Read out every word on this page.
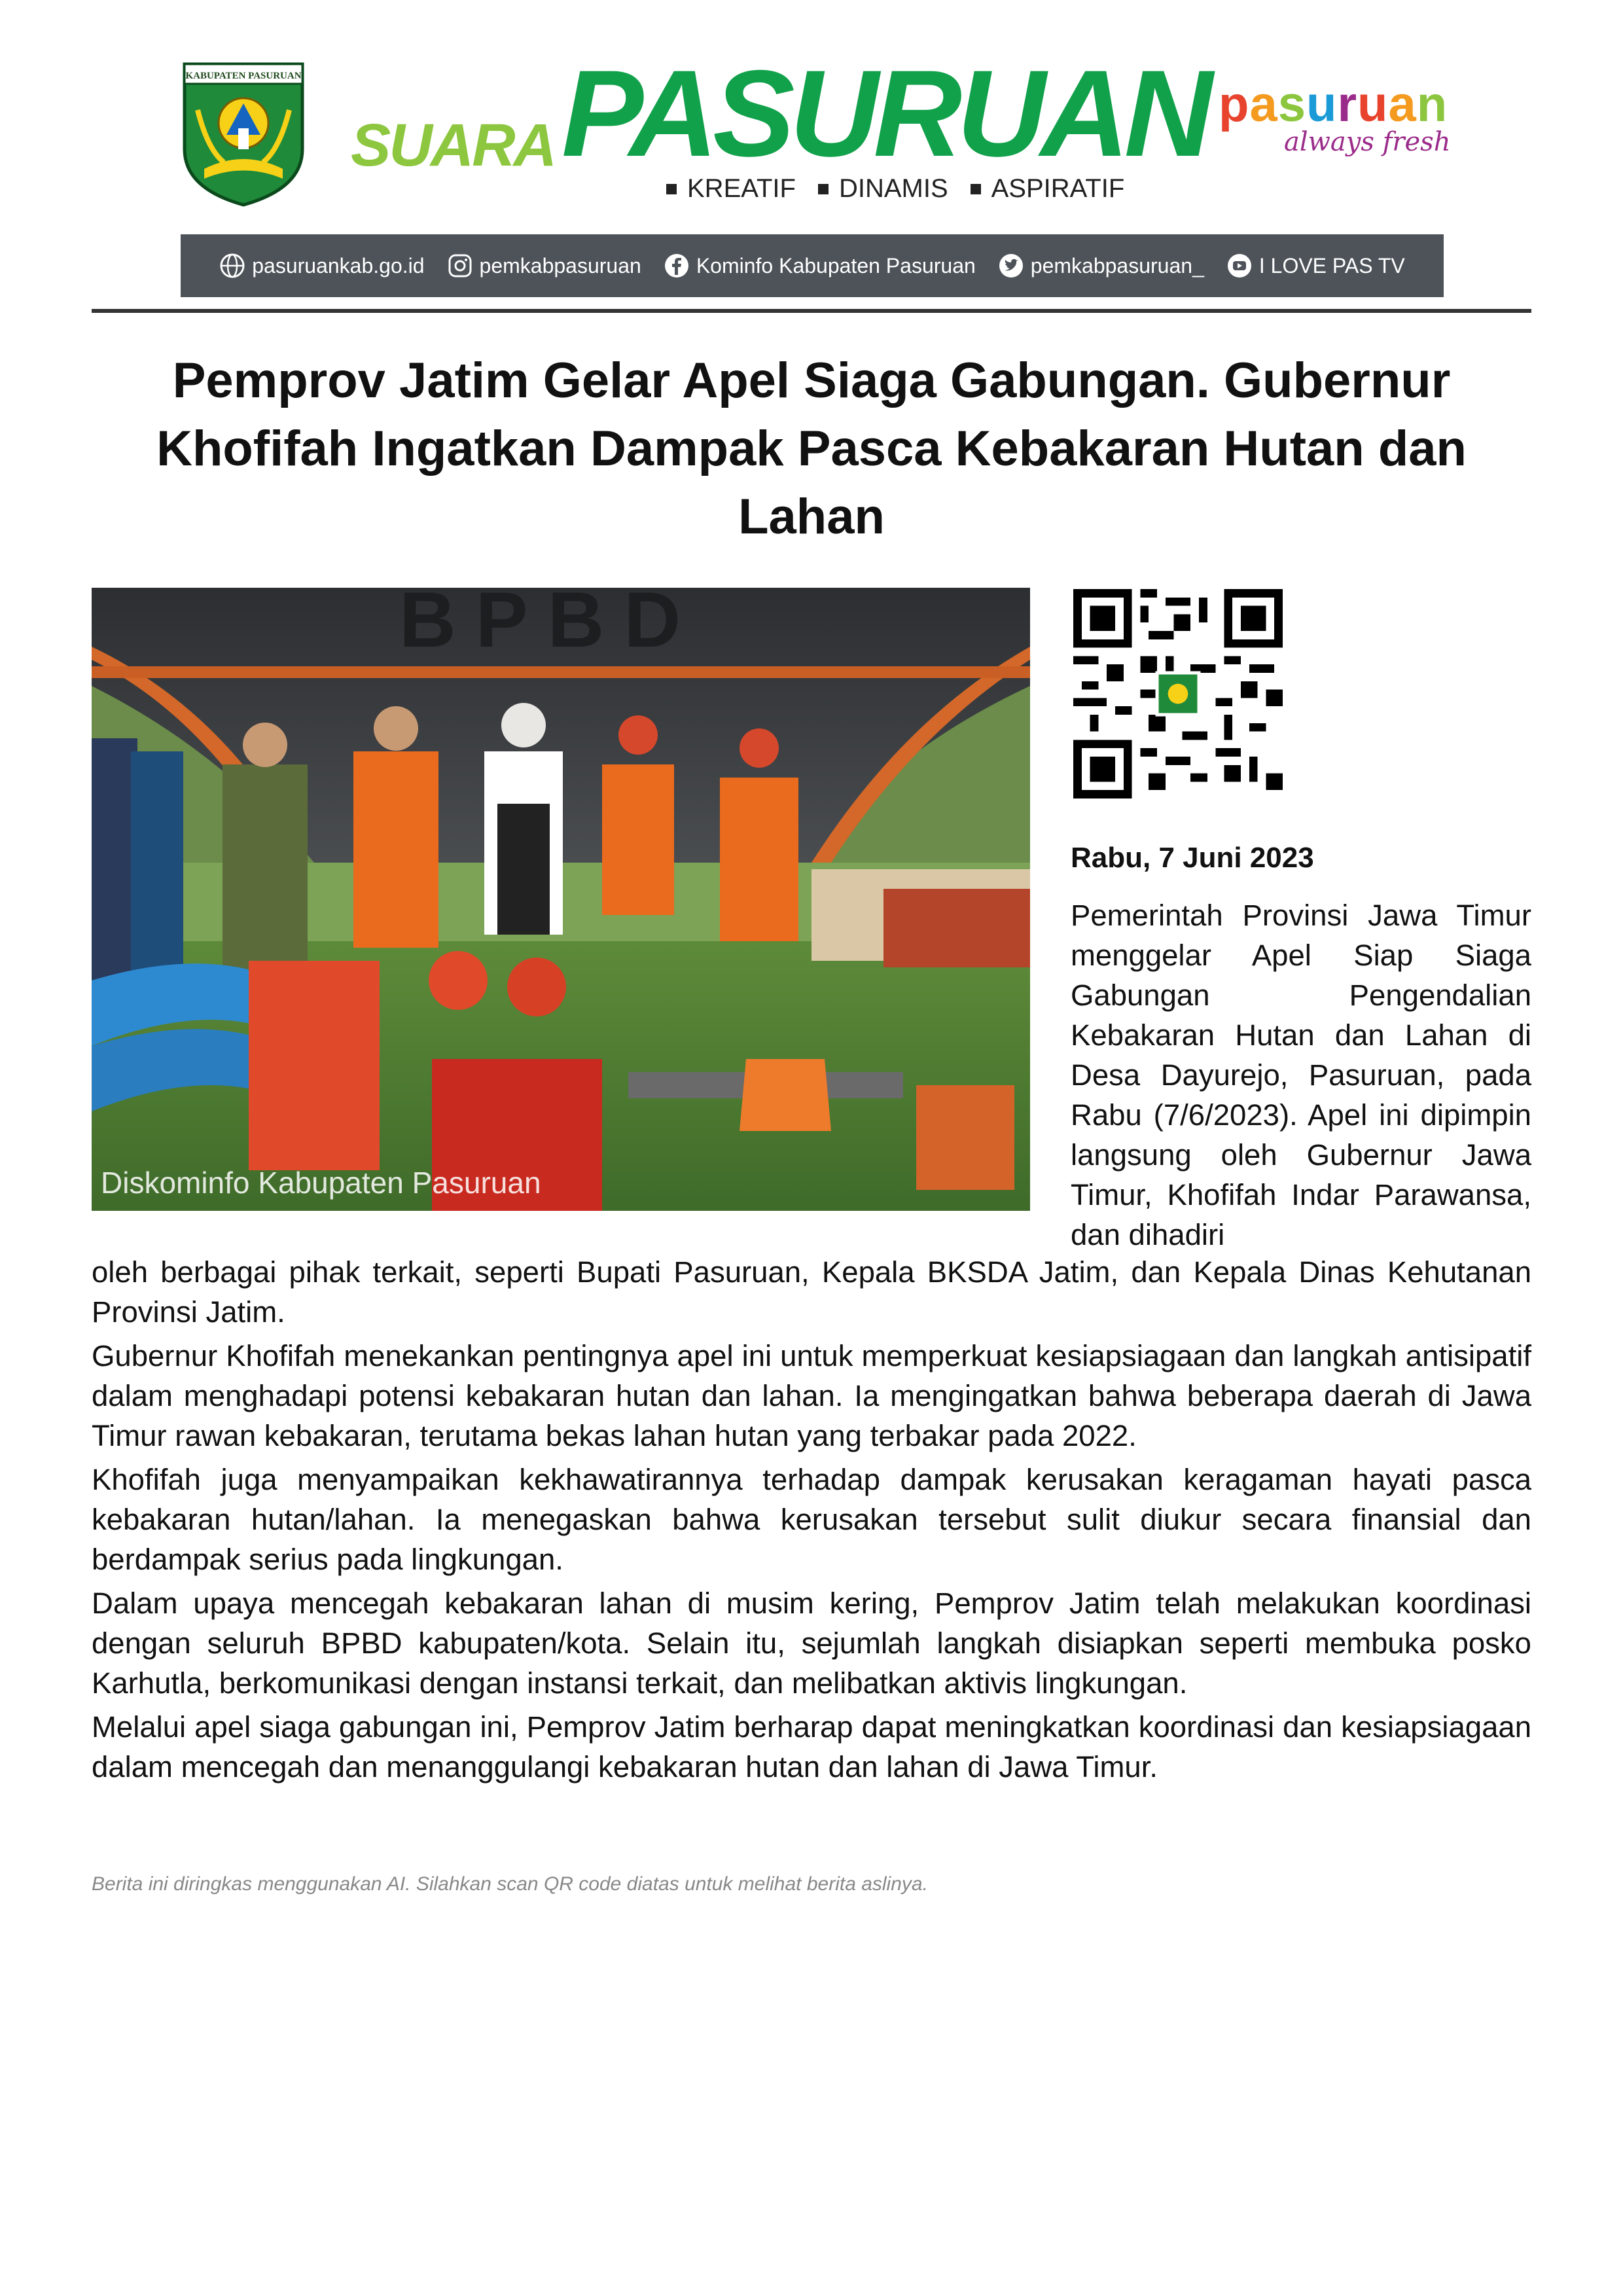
KABUPATEN PASURUAN
SUARA PASURUAN
KREATIF DINAMIS ASPIRATIF
pasuruan
always fresh
pasuruankab.go.id	pemkabpasuruan	Kominfo Kabupaten Pasuruan	pemkabpasuruan_	I LOVE PAS TV
Pemprov Jatim Gelar Apel Siaga Gabungan. Gubernur Khofifah Ingatkan Dampak Pasca Kebakaran Hutan dan Lahan
BPBD
Diskominfo Kabupaten Pasuruan
Rabu, 7 Juni 2023
Pemerintah Provinsi Jawa Timur menggelar Apel Siap Siaga Gabungan Pengendalian Kebakaran Hutan dan Lahan di Desa Dayurejo, Pasuruan, pada Rabu (7/6/2023). Apel ini dipimpin langsung oleh Gubernur Jawa Timur, Khofifah Indar Parawansa, dan dihadiri

oleh berbagai pihak terkait, seperti Bupati Pasuruan, Kepala BKSDA Jatim, dan Kepala Dinas Kehutanan Provinsi Jatim.

Gubernur Khofifah menekankan pentingnya apel ini untuk memperkuat kesiapsiagaan dan langkah antisipatif dalam menghadapi potensi kebakaran hutan dan lahan. Ia mengingatkan bahwa beberapa daerah di Jawa Timur rawan kebakaran, terutama bekas lahan hutan yang terbakar pada 2022.

Khofifah juga menyampaikan kekhawatirannya terhadap dampak kerusakan keragaman hayati pasca kebakaran hutan/lahan. Ia menegaskan bahwa kerusakan tersebut sulit diukur secara finansial dan berdampak serius pada lingkungan.

Dalam upaya mencegah kebakaran lahan di musim kering, Pemprov Jatim telah melakukan koordinasi dengan seluruh BPBD kabupaten/kota. Selain itu, sejumlah langkah disiapkan seperti membuka posko Karhutla, berkomunikasi dengan instansi terkait, dan melibatkan aktivis lingkungan.

Melalui apel siaga gabungan ini, Pemprov Jatim berharap dapat meningkatkan koordinasi dan kesiapsiagaan dalam mencegah dan menanggulangi kebakaran hutan dan lahan di Jawa Timur.

Berita ini diringkas menggunakan AI. Silahkan scan QR code diatas untuk melihat berita aslinya.
